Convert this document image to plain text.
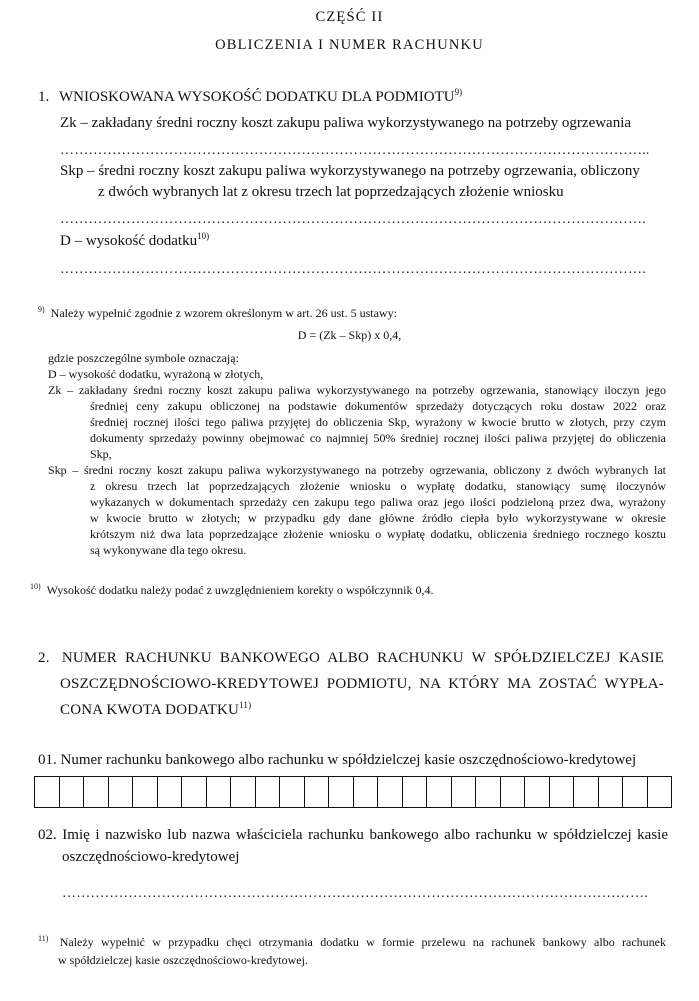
CZĘŚĆ II
OBLICZENIA I NUMER RACHUNKU
1. WNIOSKOWANA WYSOKOŚĆ DODATKU DLA PODMIOTU$^{9)}$
Zk – zakładany średni roczny koszt zakupu paliwa wykorzystywanego na potrzeby ogrzewania
……………………………………………………………………………………………………………..
Skp – średni roczny koszt zakupu paliwa wykorzystywanego na potrzeby ogrzewania, obliczony
z dwóch wybranych lat z okresu trzech lat poprzedzających złożenie wniosku
…………………………………………………………………………………………………………….
D – wysokość dodatku$^{10)}$
…………………………………………………………………………………………………………….
$^{9)}$ Należy wypełnić zgodnie z wzorem określonym w art. 26 ust. 5 ustawy:
D = (Zk – Skp) x 0,4,
gdzie poszczególne symbole oznaczają:
D – wysokość dodatku, wyrażoną w złotych,
Zk – zakładany średni roczny koszt zakupu paliwa wykorzystywanego na potrzeby ogrzewania, stanowiący iloczyn jego
średniej ceny zakupu obliczonej na podstawie dokumentów sprzedaży dotyczących roku dostaw 2022 oraz
średniej rocznej ilości tego paliwa przyjętej do obliczenia Skp, wyrażony w kwocie brutto w złotych, przy czym
dokumenty sprzedaży powinny obejmować co najmniej 50% średniej rocznej ilości paliwa przyjętej do obliczenia
Skp,
Skp – średni roczny koszt zakupu paliwa wykorzystywanego na potrzeby ogrzewania, obliczony z dwóch wybranych lat
z okresu trzech lat poprzedzających złożenie wniosku o wypłatę dodatku, stanowiący sumę iloczynów
wykazanych w dokumentach sprzedaży cen zakupu tego paliwa oraz jego ilości podzieloną przez dwa, wyrażony
w kwocie brutto w złotych; w przypadku gdy dane główne źródło ciepła było wykorzystywane w okresie
krótszym niż dwa lata poprzedzające złożenie wniosku o wypłatę dodatku, obliczenia średniego rocznego kosztu
są wykonywane dla tego okresu.
$^{10)}$ Wysokość dodatku należy podać z uwzględnieniem korekty o współczynnik 0,4.
2. NUMER RACHUNKU BANKOWEGO ALBO RACHUNKU W SPÓŁDZIELCZEJ KASIE
OSZCZĘDNOŚCIOWO-KREDYTOWEJ PODMIOTU, NA KTÓRY MA ZOSTAĆ WYPŁA-
CONA KWOTA DODATKU$^{11)}$
01. Numer rachunku bankowego albo rachunku w spółdzielczej kasie oszczędnościowo-kredytowej
02. Imię i nazwisko lub nazwa właściciela rachunku bankowego albo rachunku w spółdzielczej kasie
oszczędnościowo-kredytowej
…………………………………………………………………………………………………………….
$^{11)}$ Należy wypełnić w przypadku chęci otrzymania dodatku w formie przelewu na rachunek bankowy albo rachunek
w spółdzielczej kasie oszczędnościowo-kredytowej.
